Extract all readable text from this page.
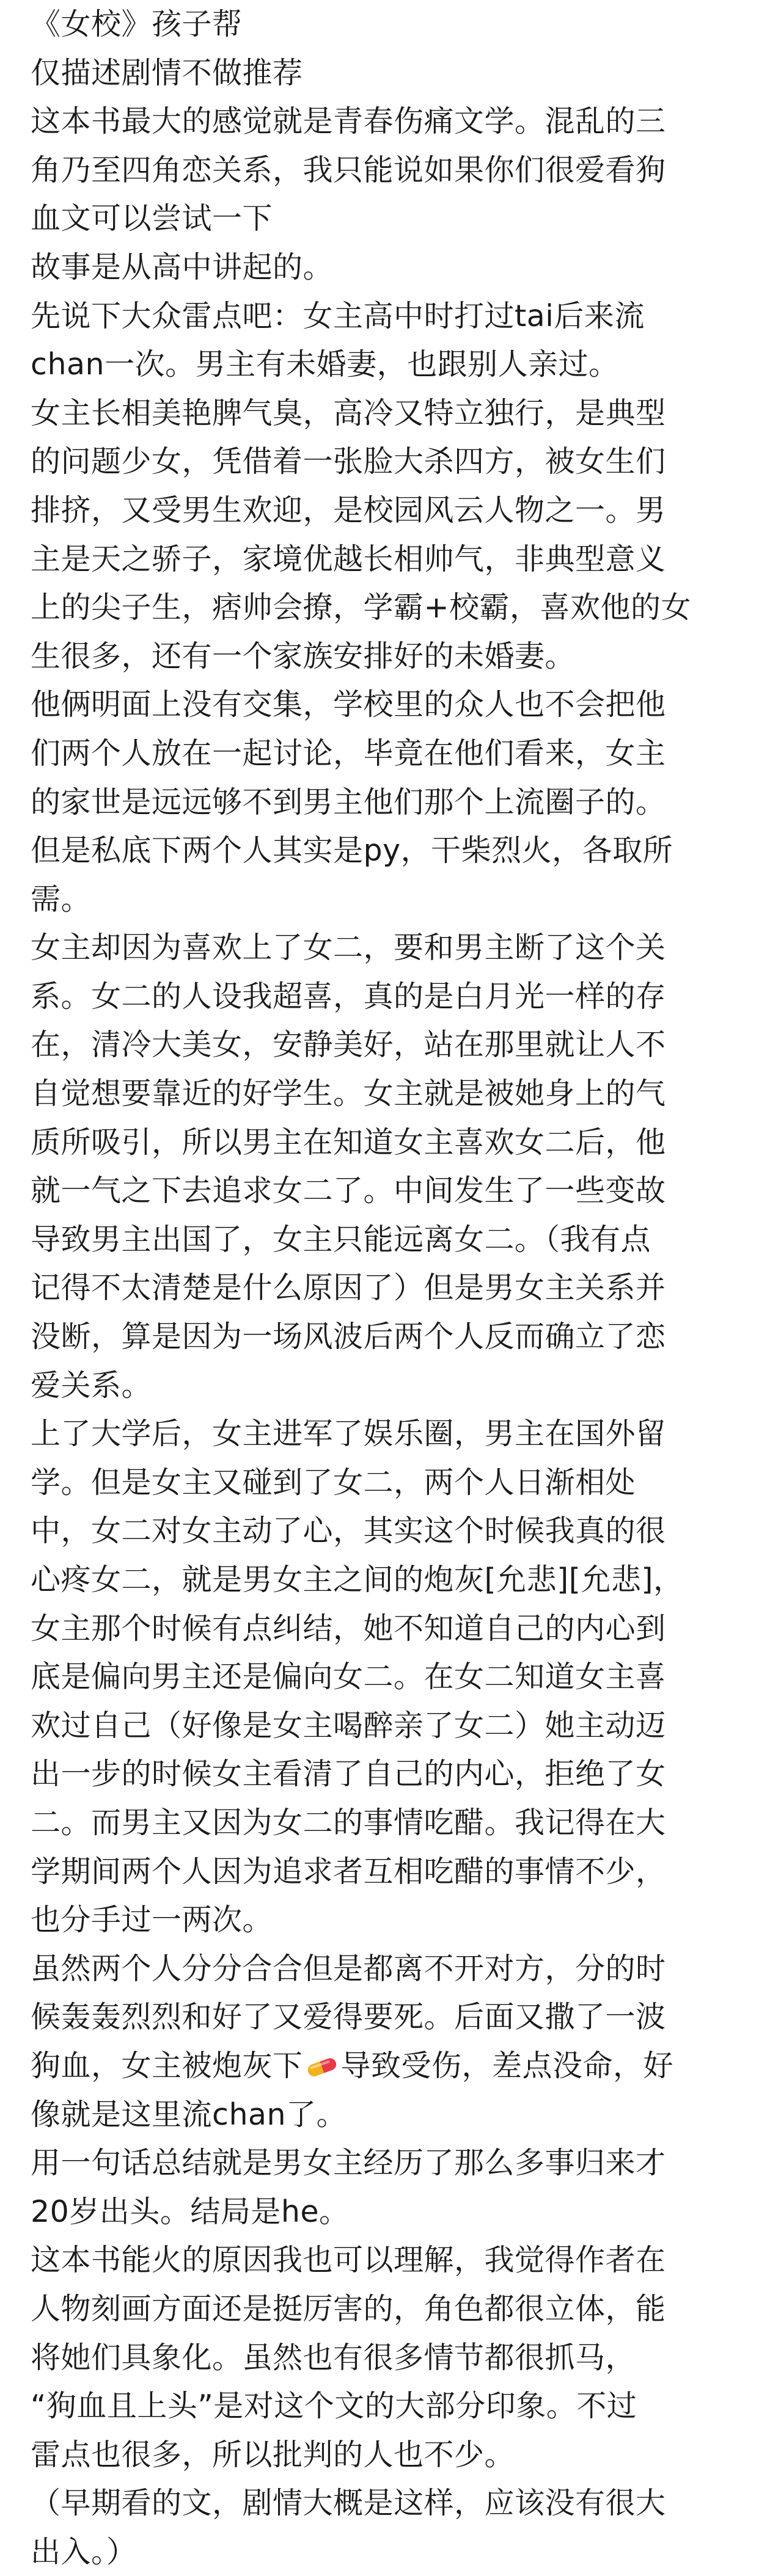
《女校》孩子帮
仅描述剧情不做推荐
这本书最大的感觉就是青春伤痛文学。混乱的三
角乃至四角恋关系，我只能说如果你们很爱看狗
血文可以尝试一下
故事是从高中讲起的。
先说下大众雷点吧：女主高中时打过tai后来流
chan一次。男主有未婚妻，也跟别人亲过。
女主长相美艳脾气臭，高冷又特立独行，是典型
的问题少女，凭借着一张脸大杀四方，被女生们
排挤，又受男生欢迎，是校园风云人物之一。男
主是天之骄子，家境优越长相帅气，非典型意义
上的尖子生，痞帅会撩，学霸+校霸，喜欢他的女
生很多，还有一个家族安排好的未婚妻。
他俩明面上没有交集，学校里的众人也不会把他
们两个人放在一起讨论，毕竟在他们看来，女主
的家世是远远够不到男主他们那个上流圈子的。
但是私底下两个人其实是py，干柴烈火，各取所
需。
女主却因为喜欢上了女二，要和男主断了这个关
系。女二的人设我超喜，真的是白月光一样的存
在，清冷大美女，安静美好，站在那里就让人不
自觉想要靠近的好学生。女主就是被她身上的气
质所吸引，所以男主在知道女主喜欢女二后，他
就一气之下去追求女二了。中间发生了一些变故
导致男主出国了，女主只能远离女二。（我有点
记得不太清楚是什么原因了）但是男女主关系并
没断，算是因为一场风波后两个人反而确立了恋
爱关系。
上了大学后，女主进军了娱乐圈，男主在国外留
学。但是女主又碰到了女二，两个人日渐相处
中，女二对女主动了心，其实这个时候我真的很
心疼女二，就是男女主之间的炮灰[允悲][允悲]，
女主那个时候有点纠结，她不知道自己的内心到
底是偏向男主还是偏向女二。在女二知道女主喜
欢过自己（好像是女主喝醉亲了女二）她主动迈
出一步的时候女主看清了自己的内心，拒绝了女
二。而男主又因为女二的事情吃醋。我记得在大
学期间两个人因为追求者互相吃醋的事情不少，
也分手过一两次。
虽然两个人分分合合但是都离不开对方，分的时
候轰轰烈烈和好了又爱得要死。后面又撒了一波
狗血，女主被炮灰下 导致受伤，差点没命，好
像就是这里流chan了。
用一句话总结就是男女主经历了那么多事归来才
20岁出头。结局是he。
这本书能火的原因我也可以理解，我觉得作者在
人物刻画方面还是挺厉害的，角色都很立体，能
将她们具象化。虽然也有很多情节都很抓马，
“狗血且上头”是对这个文的大部分印象。不过
雷点也很多，所以批判的人也不少。
（早期看的文，剧情大概是这样，应该没有很大
出入。）
